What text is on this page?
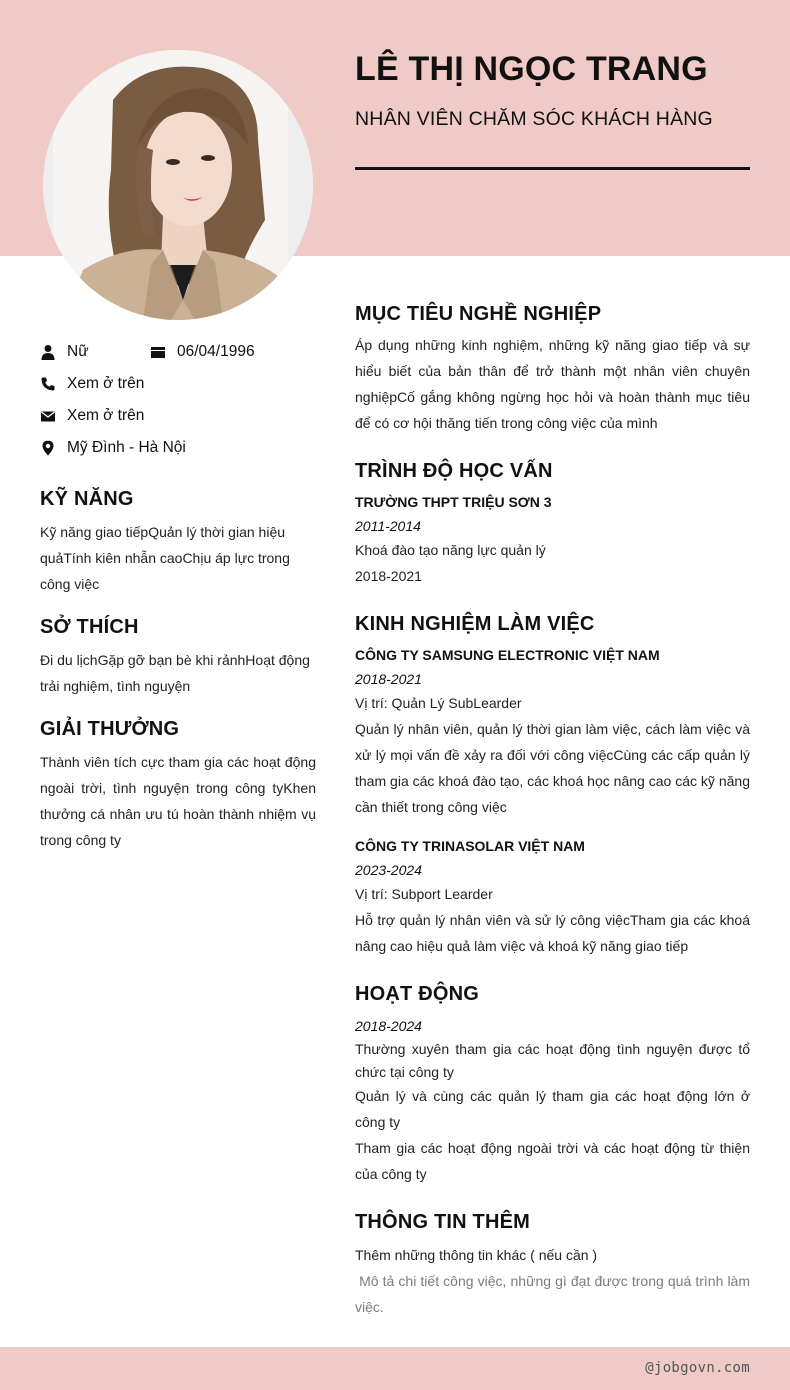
LÊ THỊ NGỌC TRANG
NHÂN VIÊN CHĂM SÓC KHÁCH HÀNG
Nữ	06/04/1996
Xem ở trên
Xem ở trên
Mỹ Đình - Hà Nội
KỸ NĂNG
Kỹ năng giao tiếpQuản lý thời gian hiệu quảTính kiên nhẫn caoChịu áp lực trong công việc
SỞ THÍCH
Đi du lịchGặp gỡ bạn bè khi rảnhHoạt động trải nghiệm, tình nguyện
GIẢI THƯỞNG
Thành viên tích cực tham gia các hoạt động ngoài trời, tình nguyện trong công tyKhen thưởng cá nhân ưu tú hoàn thành nhiệm vụ trong công ty
MỤC TIÊU NGHỀ NGHIỆP
Áp dụng những kinh nghiệm, những kỹ năng giao tiếp và sự hiểu biết của bản thân để trở thành một nhân viên chuyên nghiệpCố gắng không ngừng học hỏi và hoàn thành mục tiêu để có cơ hội thăng tiến trong công việc của mình
TRÌNH ĐỘ HỌC VẤN
TRƯỜNG THPT TRIỆU SƠN 3
2011-2014
Khoá đào tạo năng lực quản lý
2018-2021
KINH NGHIỆM LÀM VIỆC
CÔNG TY SAMSUNG ELECTRONIC VIỆT NAM
2018-2021
Vị trí: Quản Lý SubLearder
Quản lý nhân viên, quản lý thời gian làm việc, cách làm việc và xử lý mọi vấn đề xảy ra đối với công việcCùng các cấp quản lý tham gia các khoá đào tạo, các khoá học nâng cao các kỹ năng cần thiết trong công việc
CÔNG TY TRINASOLAR VIỆT NAM
2023-2024
Vị trí: Subport Learder
Hỗ trợ quản lý nhân viên và sử lý công việcTham gia các khoá nâng cao hiệu quả làm việc và khoá kỹ năng giao tiếp
HOẠT ĐỘNG
2018-2024
Thường xuyên tham gia các hoạt động tình nguyện được tổ chức tại công ty
Quản lý và cùng các quản lý tham gia các hoạt động lớn ở công ty
Tham gia các hoạt động ngoài trời và các hoạt động từ thiện của công ty
THÔNG TIN THÊM
Thêm những thông tin khác ( nếu cần )
Mô tả chi tiết công việc, những gì đạt được trong quá trình làm việc.
@jobgovn.com
